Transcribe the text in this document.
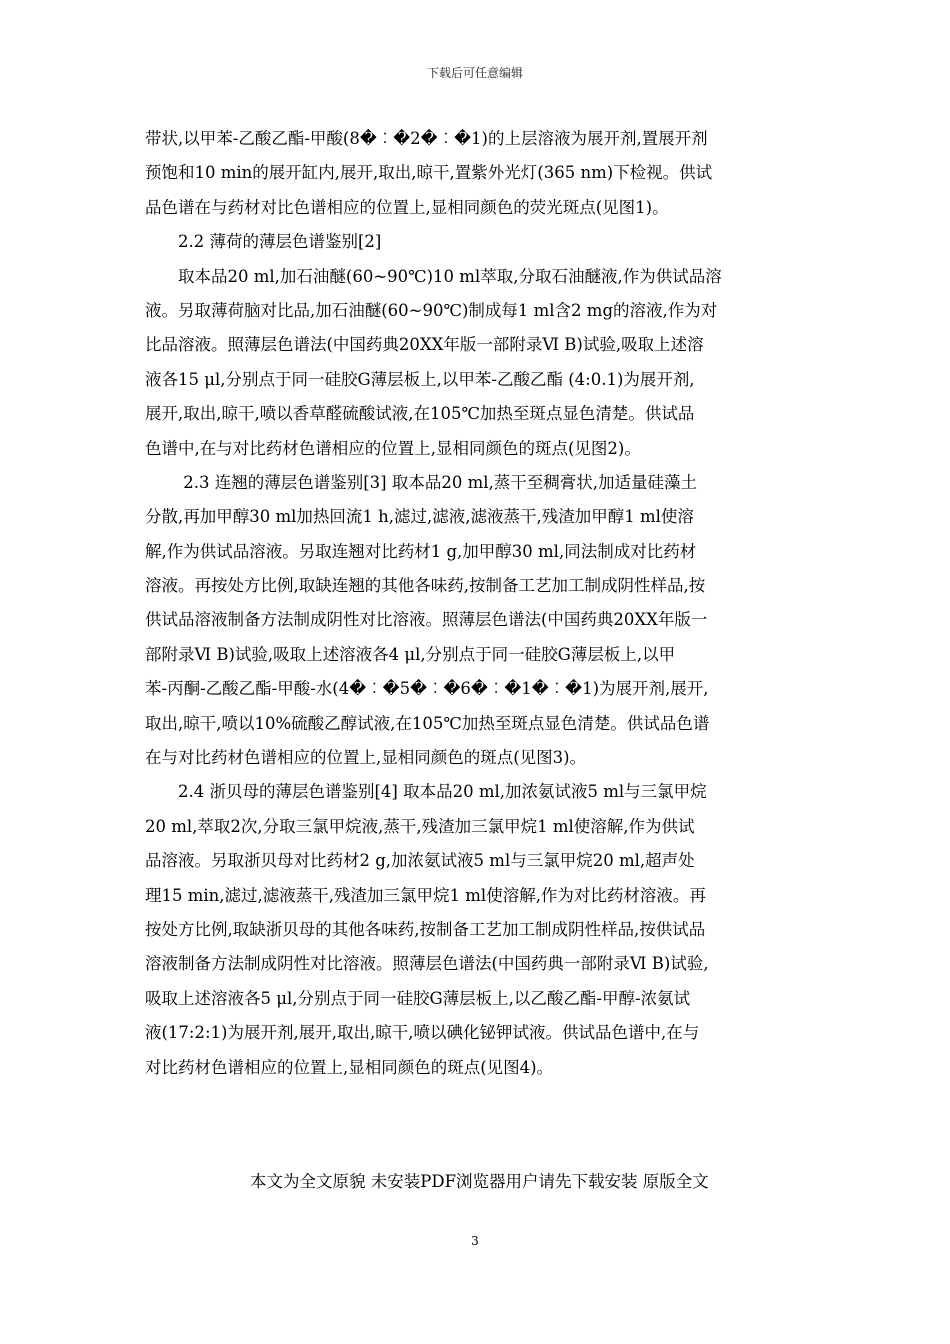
下载后可任意编辑
带状,以甲苯-乙酸乙酯-甲酸(8�︰�2�︰�1)的上层溶液为展开剂,置展开剂
预饱和10 min的展开缸内,展开,取出,晾干,置紫外光灯(365 nm)下检视。供试
品色谱在与药材对比色谱相应的位置上,显相同颜色的荧光斑点(见图1)。
　　2.2 薄荷的薄层色谱鉴别[2]
　　取本品20 ml,加石油醚(60~90℃)10 ml萃取,分取石油醚液,作为供试品溶
液。另取薄荷脑对比品,加石油醚(60~90℃)制成每1 ml含2 mg的溶液,作为对
比品溶液。照薄层色谱法(中国药典20XX年版一部附录Ⅵ B)试验,吸取上述溶
液各15 μl,分别点于同一硅胶G薄层板上,以甲苯-乙酸乙酯 (4:0.1)为展开剂,
展开,取出,晾干,喷以香草醛硫酸试液,在105℃加热至斑点显色清楚。供试品
色谱中,在与对比药材色谱相应的位置上,显相同颜色的斑点(见图2)。
　　 2.3 连翘的薄层色谱鉴别[3] 取本品20 ml,蒸干至稠膏状,加适量硅藻土
分散,再加甲醇30 ml加热回流1 h,滤过,滤液,滤液蒸干,残渣加甲醇1 ml使溶
解,作为供试品溶液。另取连翘对比药材1 g,加甲醇30 ml,同法制成对比药材
溶液。再按处方比例,取缺连翘的其他各味药,按制备工艺加工制成阴性样品,按
供试品溶液制备方法制成阴性对比溶液。照薄层色谱法(中国药典20XX年版一
部附录Ⅵ B)试验,吸取上述溶液各4 μl,分别点于同一硅胶G薄层板上,以甲
苯-丙酮-乙酸乙酯-甲酸-水(4�︰�5�︰�6�︰�1�︰�1)为展开剂,展开,
取出,晾干,喷以10%硫酸乙醇试液,在105℃加热至斑点显色清楚。供试品色谱
在与对比药材色谱相应的位置上,显相同颜色的斑点(见图3)。
　　2.4 浙贝母的薄层色谱鉴别[4] 取本品20 ml,加浓氨试液5 ml与三氯甲烷
20 ml,萃取2次,分取三氯甲烷液,蒸干,残渣加三氯甲烷1 ml使溶解,作为供试
品溶液。另取浙贝母对比药材2 g,加浓氨试液5 ml与三氯甲烷20 ml,超声处
理15 min,滤过,滤液蒸干,残渣加三氯甲烷1 ml使溶解,作为对比药材溶液。再
按处方比例,取缺浙贝母的其他各味药,按制备工艺加工制成阴性样品,按供试品
溶液制备方法制成阴性对比溶液。照薄层色谱法(中国药典一部附录Ⅵ B)试验,
吸取上述溶液各5 μl,分别点于同一硅胶G薄层板上,以乙酸乙酯-甲醇-浓氨试
液(17:2:1)为展开剂,展开,取出,晾干,喷以碘化铋钾试液。供试品色谱中,在与
对比药材色谱相应的位置上,显相同颜色的斑点(见图4)。
本文为全文原貌 未安装PDF浏览器用户请先下载安装 原版全文
3
